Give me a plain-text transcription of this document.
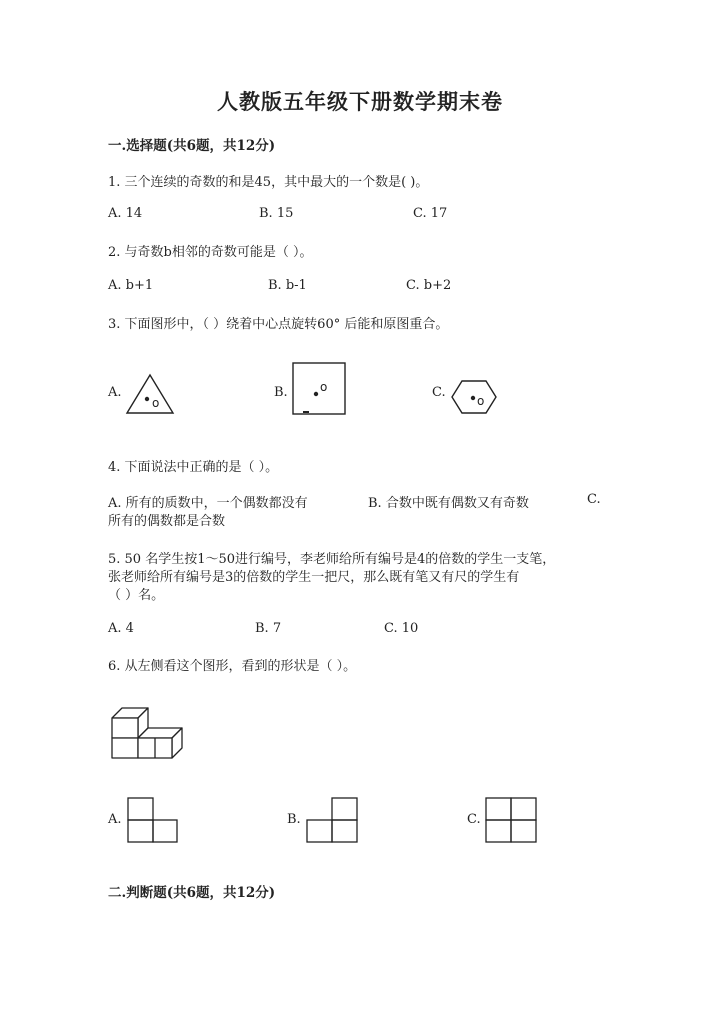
人教版五年级下册数学期末卷
一.选择题(共6题，共12分)
1. 三个连续的奇数的和是45，其中最大的一个数是( )。
A. 14	B. 15	C. 17
2. 与奇数b相邻的奇数可能是（ ）。
A. b+1	B. b-1	C. b+2
3. 下面图形中，（ ）绕着中心点旋转60° 后能和原图重合。
A.
o
B.	o	C.
o
4. 下面说法中正确的是（ ）。
A. 所有的质数中，一个偶数都没有	B. 合数中既有偶数又有奇数	C.
所有的偶数都是合数
5. 50 名学生按1～50进行编号，李老师给所有编号是4的倍数的学生一支笔，
张老师给所有编号是3的倍数的学生一把尺，那么既有笔又有尺的学生有
（ ）名。
A. 4	B. 7	C. 10
6. 从左侧看这个图形，看到的形状是（ ）。
A.	B.	C.
二.判断题(共6题，共12分)
